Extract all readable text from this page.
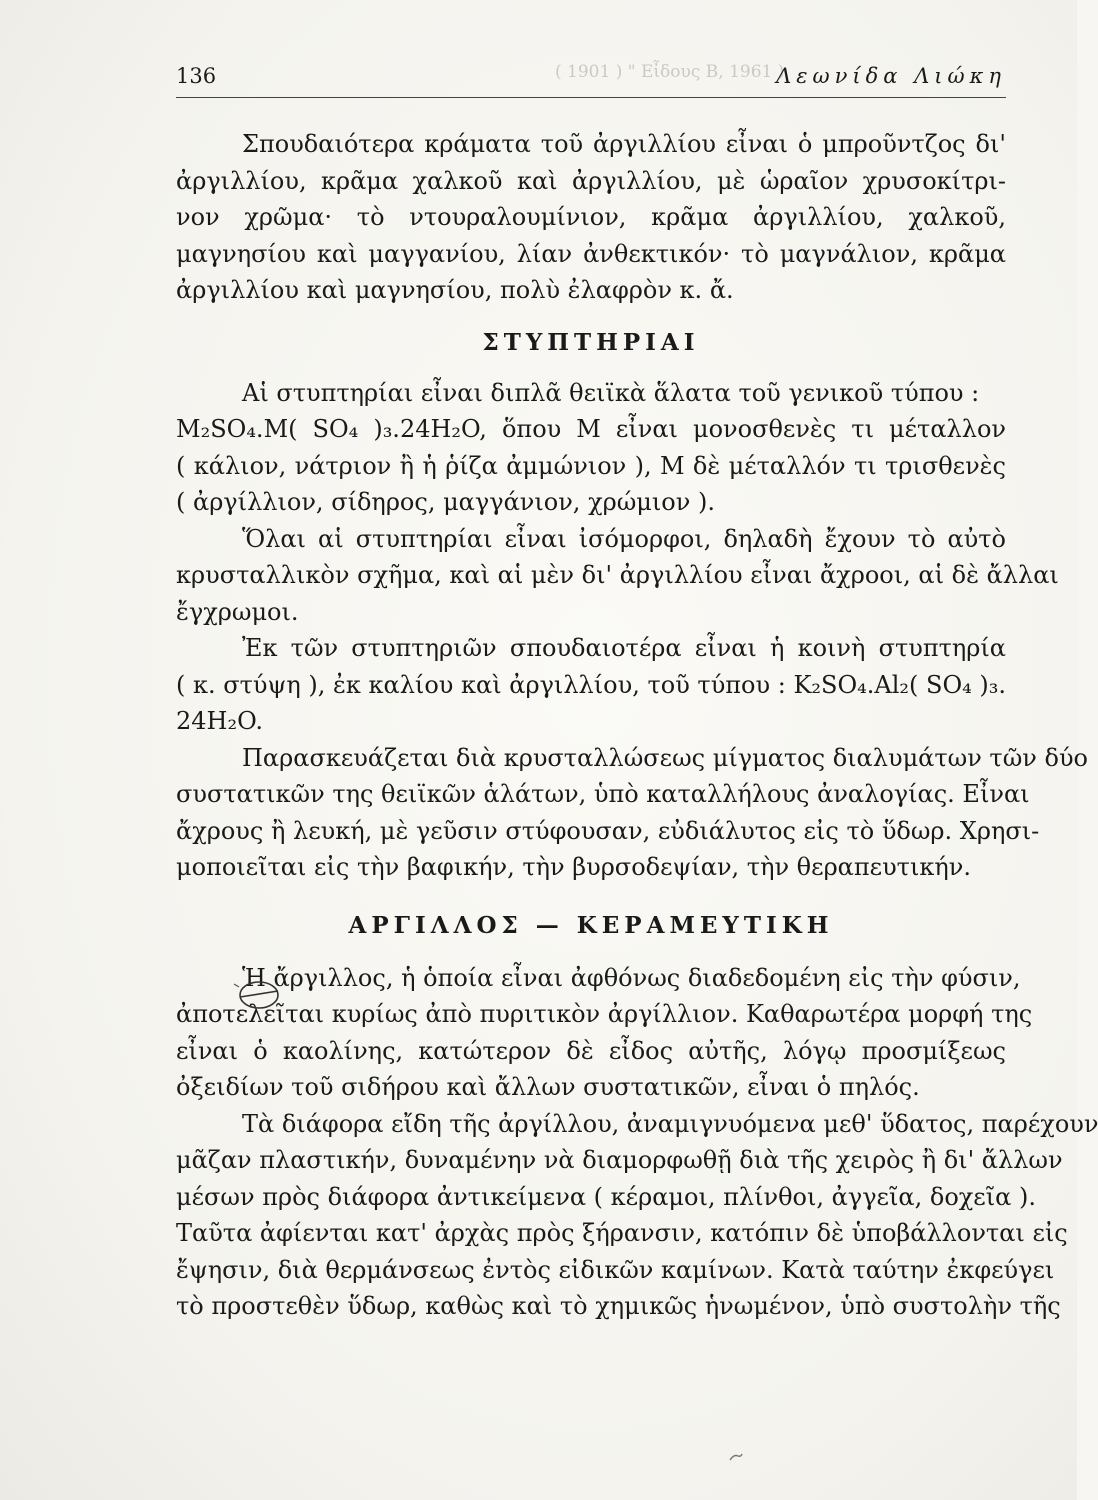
( 1901 ) " Εἶδους Β, 1961 )
136	Λεωνίδα Λιώκη
Σπουδαιότερα κράματα τοῦ ἀργιλλίου εἶναι ὁ μπροῦντζος δι'
ἀργιλλίου, κρᾶμα χαλκοῦ καὶ ἀργιλλίου, μὲ ὡραῖον χρυσοκίτρι-
νον χρῶμα· τὸ ντουραλουμίνιον, κρᾶμα ἀργιλλίου, χαλκοῦ,
μαγνησίου καὶ μαγγανίου, λίαν ἀνθεκτικόν· τὸ μαγνάλιον, κρᾶμα
ἀργιλλίου καὶ μαγνησίου, πολὺ ἐλαφρὸν κ. ἄ.
ΣΤΥΠΤΗΡΙΑΙ
Αἱ στυπτηρίαι εἶναι διπλᾶ θειϊκὰ ἅλατα τοῦ γενικοῦ τύπου :
M₂SO₄.M( SO₄ )₃.24H₂O, ὅπου M εἶναι μονοσθενὲς τι μέταλλον
( κάλιον, νάτριον ἢ ἡ ῥίζα ἀμμώνιον ), M δὲ μέταλλόν τι τρισθενὲς
( ἀργίλλιον, σίδηρος, μαγγάνιον, χρώμιον ).
Ὅλαι αἱ στυπτηρίαι εἶναι ἰσόμορφοι, δηλαδὴ ἔχουν τὸ αὐτὸ
κρυσταλλικὸν σχῆμα, καὶ αἱ μὲν δι' ἀργιλλίου εἶναι ἄχροοι, αἱ δὲ ἄλλαι
ἔγχρωμοι.
Ἐκ τῶν στυπτηριῶν σπουδαιοτέρα εἶναι ἡ κοινὴ στυπτηρία
( κ. στύψη ), ἐκ καλίου καὶ ἀργιλλίου, τοῦ τύπου : K₂SO₄.Al₂( SO₄ )₃.
24H₂O.
Παρασκευάζεται διὰ κρυσταλλώσεως μίγματος διαλυμάτων τῶν δύο
συστατικῶν της θειϊκῶν ἁλάτων, ὑπὸ καταλλήλους ἀναλογίας. Εἶναι
ἄχρους ἢ λευκή, μὲ γεῦσιν στύφουσαν, εὐδιάλυτος εἰς τὸ ὕδωρ. Χρησι-
μοποιεῖται εἰς τὴν βαφικήν, τὴν βυρσοδεψίαν, τὴν θεραπευτικήν.
ΑΡΓΙΛΛΟΣ — ΚΕΡΑΜΕΥΤΙΚΗ
Ἡ ἄργιλλος, ἡ ὁποία εἶναι ἀφθόνως διαδεδομένη εἰς τὴν φύσιν,
ἀποτελεῖται κυρίως ἀπὸ πυριτικὸν ἀργίλλιον. Καθαρωτέρα μορφή της
εἶναι ὁ καολίνης, κατώτερον δὲ εἶδος αὐτῆς, λόγῳ προσμίξεως
ὀξειδίων τοῦ σιδήρου καὶ ἄλλων συστατικῶν, εἶναι ὁ πηλός.
Τὰ διάφορα εἴδη τῆς ἀργίλλου, ἀναμιγνυόμενα μεθ' ὕδατος, παρέχουν
μᾶζαν πλαστικήν, δυναμένην νὰ διαμορφωθῇ διὰ τῆς χειρὸς ἢ δι' ἄλλων
μέσων πρὸς διάφορα ἀντικείμενα ( κέραμοι, πλίνθοι, ἀγγεῖα, δοχεῖα ).
Ταῦτα ἀφίενται κατ' ἀρχὰς πρὸς ξήρανσιν, κατόπιν δὲ ὑποβάλλονται εἰς
ἔψησιν, διὰ θερμάνσεως ἐντὸς εἰδικῶν καμίνων. Κατὰ ταύτην ἐκφεύγει
τὸ προστεθὲν ὕδωρ, καθὼς καὶ τὸ χημικῶς ἡνωμένον, ὑπὸ συστολὴν τῆς
